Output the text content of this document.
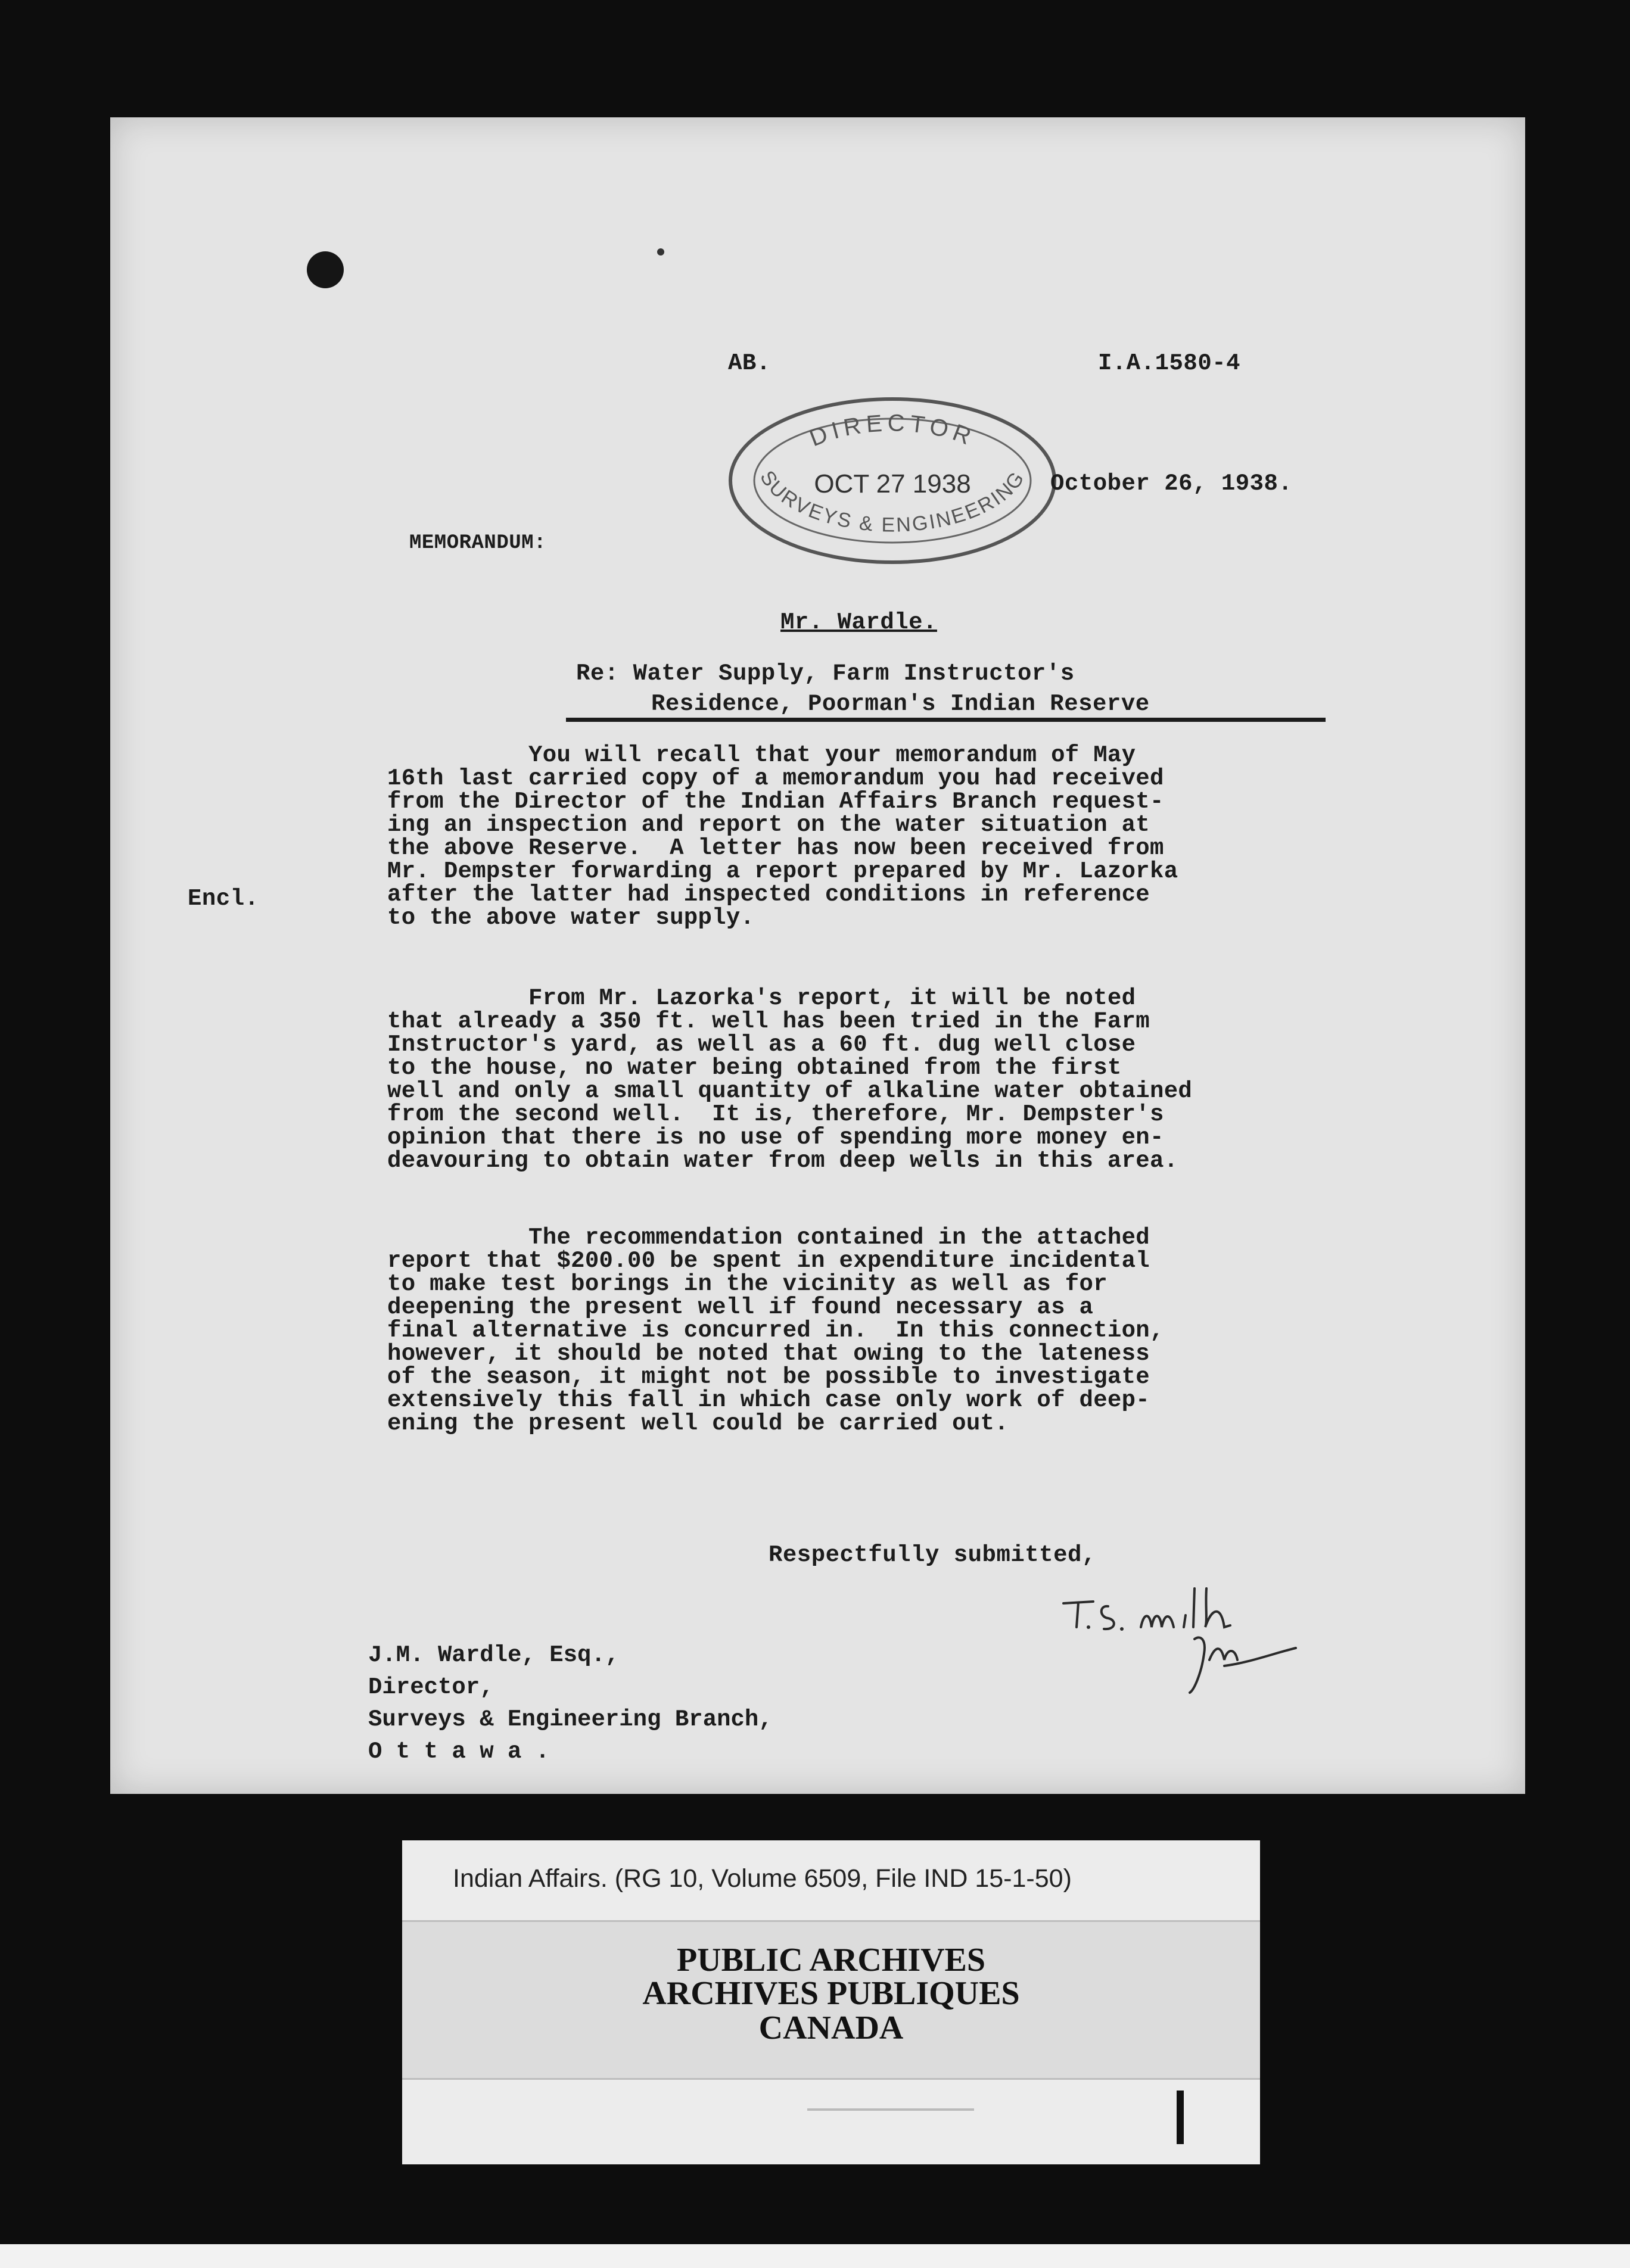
AB.	I.A.1580-4
DIRECTOR
SURVEYS & ENGINEERING
OCT 27 1938	October 26, 1938.
MEMORANDUM:
Mr. Wardle.
Re: Water Supply, Farm Instructor's
Residence, Poorman's Indian Reserve
Encl.
You will recall that your memorandum of May
16th last carried copy of a memorandum you had received
from the Director of the Indian Affairs Branch request-
ing an inspection and report on the water situation at
the above Reserve.  A letter has now been received from
Mr. Dempster forwarding a report prepared by Mr. Lazorka
after the latter had inspected conditions in reference
to the above water supply.
From Mr. Lazorka's report, it will be noted
that already a 350 ft. well has been tried in the Farm
Instructor's yard, as well as a 60 ft. dug well close
to the house, no water being obtained from the first
well and only a small quantity of alkaline water obtained
from the second well.  It is, therefore, Mr. Dempster's
opinion that there is no use of spending more money en-
deavouring to obtain water from deep wells in this area.
The recommendation contained in the attached
report that $200.00 be spent in expenditure incidental
to make test borings in the vicinity as well as for
deepening the present well if found necessary as a
final alternative is concurred in.  In this connection,
however, it should be noted that owing to the lateness
of the season, it might not be possible to investigate
extensively this fall in which case only work of deep-
ening the present well could be carried out.
Respectfully submitted,
J.M. Wardle, Esq.,
Director,
Surveys & Engineering Branch,
O t t a w a .
Indian Affairs. (RG 10, Volume 6509, File IND 15-1-50)
PUBLIC ARCHIVES
ARCHIVES PUBLIQUES
CANADA
